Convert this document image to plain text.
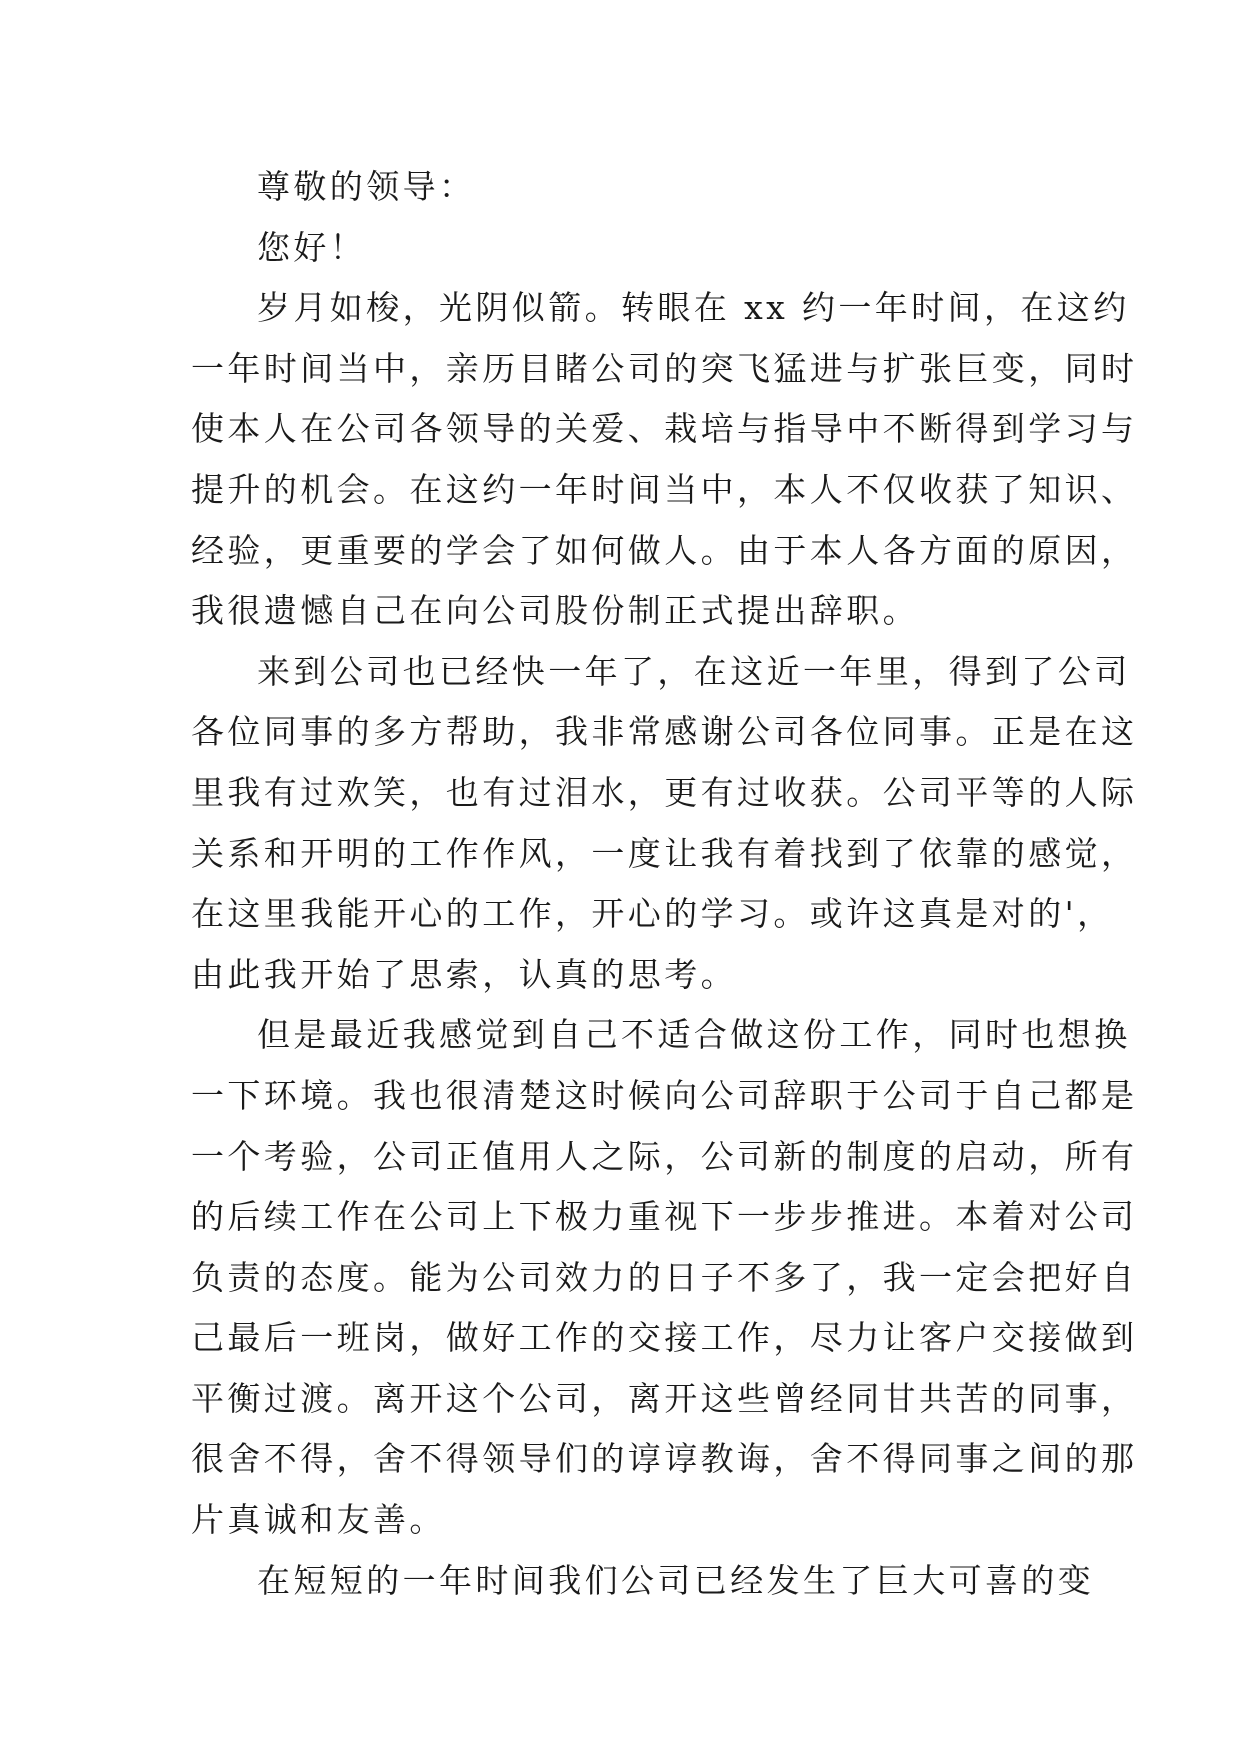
尊敬的领导：
您好！
岁月如梭，光阴似箭。转眼在 xx 约一年时间，在这约
一年时间当中，亲历目睹公司的突飞猛进与扩张巨变，同时
使本人在公司各领导的关爱、栽培与指导中不断得到学习与
提升的机会。在这约一年时间当中，本人不仅收获了知识、
经验，更重要的学会了如何做人。由于本人各方面的原因，
我很遗憾自己在向公司股份制正式提出辞职。
来到公司也已经快一年了，在这近一年里，得到了公司
各位同事的多方帮助，我非常感谢公司各位同事。正是在这
里我有过欢笑，也有过泪水，更有过收获。公司平等的人际
关系和开明的工作作风，一度让我有着找到了依靠的感觉，
在这里我能开心的工作，开心的学习。或许这真是对的'，
由此我开始了思索，认真的思考。
但是最近我感觉到自己不适合做这份工作，同时也想换
一下环境。我也很清楚这时候向公司辞职于公司于自己都是
一个考验，公司正值用人之际，公司新的制度的启动，所有
的后续工作在公司上下极力重视下一步步推进。本着对公司
负责的态度。能为公司效力的日子不多了，我一定会把好自
己最后一班岗，做好工作的交接工作，尽力让客户交接做到
平衡过渡。离开这个公司，离开这些曾经同甘共苦的同事，
很舍不得，舍不得领导们的谆谆教诲，舍不得同事之间的那
片真诚和友善。
在短短的一年时间我们公司已经发生了巨大可喜的变
